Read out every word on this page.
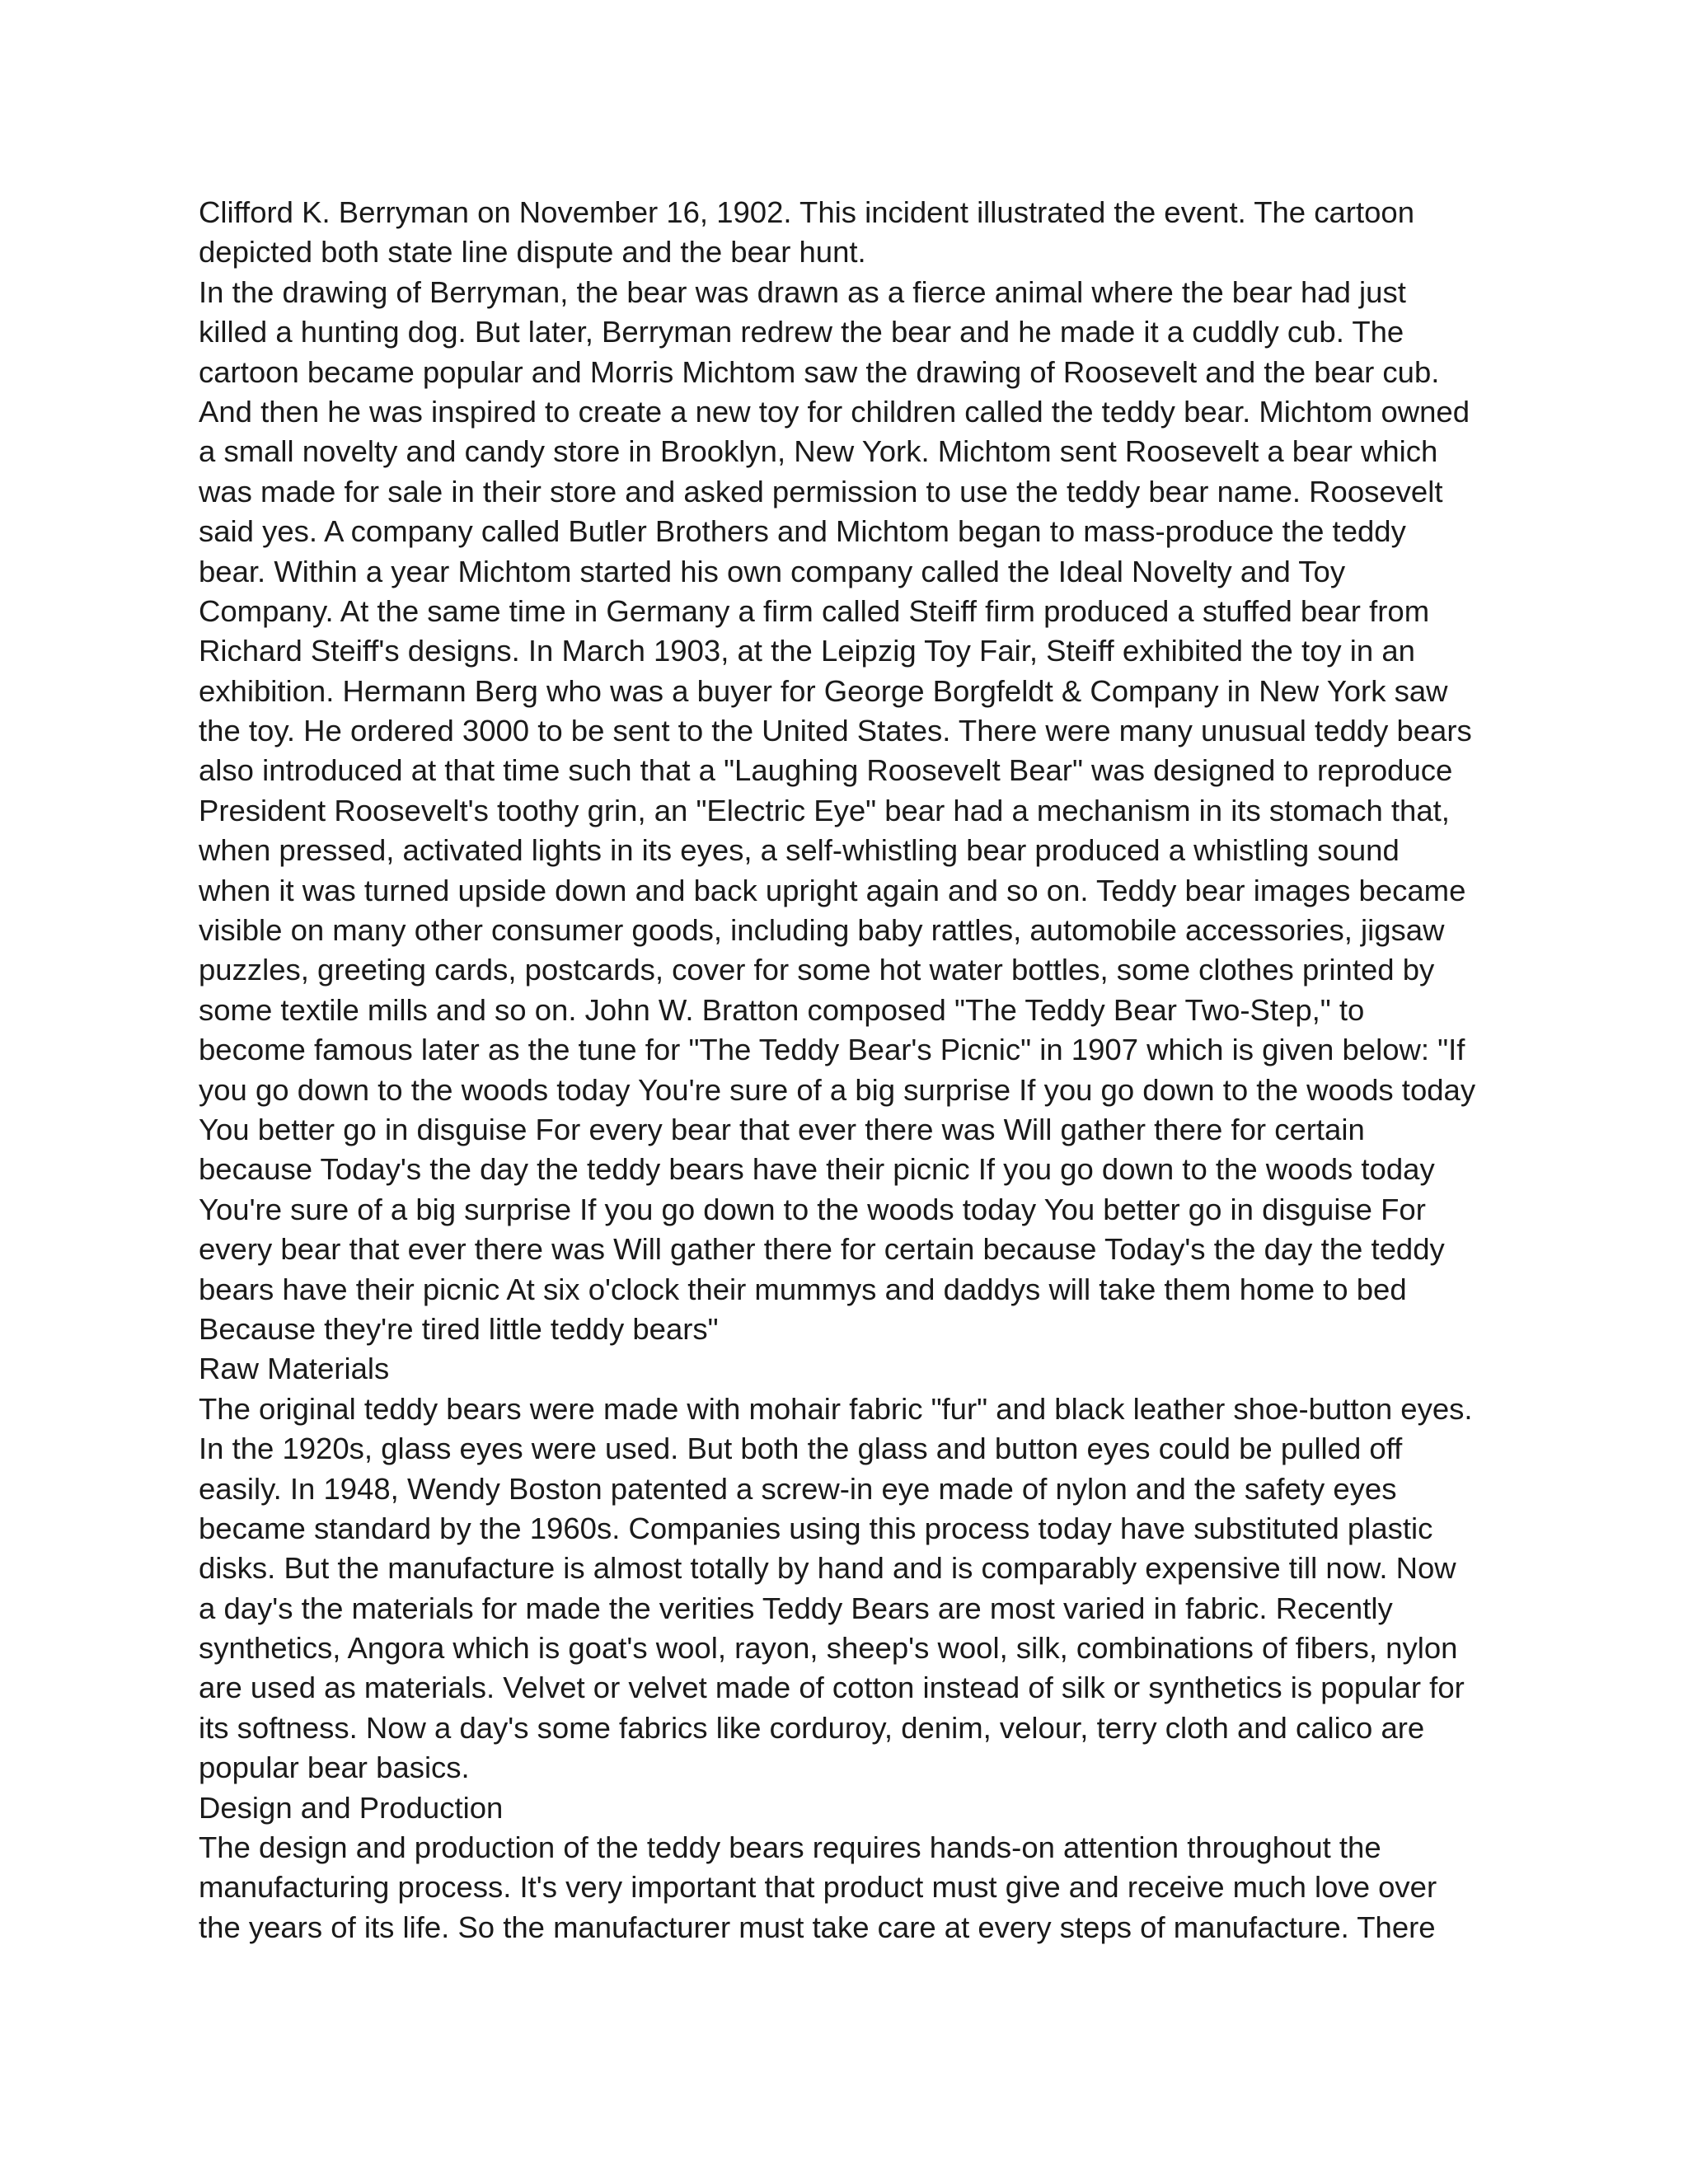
Clifford K. Berryman on November 16, 1902. This incident illustrated the event. The cartoon
depicted both state line dispute and the bear hunt.
In the drawing of Berryman, the bear was drawn as a fierce animal where the bear had just
killed a hunting dog. But later, Berryman redrew the bear and he made it a cuddly cub. The
cartoon became popular and Morris Michtom saw the drawing of Roosevelt and the bear cub.
And then he was inspired to create a new toy for children called the teddy bear. Michtom owned
a small novelty and candy store in Brooklyn, New York. Michtom sent Roosevelt a bear which
was made for sale in their store and asked permission to use the teddy bear name. Roosevelt
said yes. A company called Butler Brothers and Michtom began to mass-produce the teddy
bear. Within a year Michtom started his own company called the Ideal Novelty and Toy
Company. At the same time in Germany a firm called Steiff firm produced a stuffed bear from
Richard Steiff's designs. In March 1903, at the Leipzig Toy Fair, Steiff exhibited the toy in an
exhibition. Hermann Berg who was a buyer for George Borgfeldt & Company in New York saw
the toy. He ordered 3000 to be sent to the United States. There were many unusual teddy bears
also introduced at that time such that a "Laughing Roosevelt Bear" was designed to reproduce
President Roosevelt's toothy grin, an "Electric Eye" bear had a mechanism in its stomach that,
when pressed, activated lights in its eyes, a self-whistling bear produced a whistling sound
when it was turned upside down and back upright again and so on. Teddy bear images became
visible on many other consumer goods, including baby rattles, automobile accessories, jigsaw
puzzles, greeting cards, postcards, cover for some hot water bottles, some clothes printed by
some textile mills and so on. John W. Bratton composed "The Teddy Bear Two-Step," to
become famous later as the tune for "The Teddy Bear's Picnic" in 1907 which is given below: "If
you go down to the woods today You're sure of a big surprise If you go down to the woods today
You better go in disguise For every bear that ever there was Will gather there for certain
because Today's the day the teddy bears have their picnic If you go down to the woods today
You're sure of a big surprise If you go down to the woods today You better go in disguise For
every bear that ever there was Will gather there for certain because Today's the day the teddy
bears have their picnic At six o'clock their mummys and daddys will take them home to bed
Because they're tired little teddy bears"
Raw Materials
The original teddy bears were made with mohair fabric "fur" and black leather shoe-button eyes.
In the 1920s, glass eyes were used. But both the glass and button eyes could be pulled off
easily. In 1948, Wendy Boston patented a screw-in eye made of nylon and the safety eyes
became standard by the 1960s. Companies using this process today have substituted plastic
disks. But the manufacture is almost totally by hand and is comparably expensive till now. Now
a day's the materials for made the verities Teddy Bears are most varied in fabric. Recently
synthetics, Angora which is goat's wool, rayon, sheep's wool, silk, combinations of fibers, nylon
are used as materials. Velvet or velvet made of cotton instead of silk or synthetics is popular for
its softness. Now a day's some fabrics like corduroy, denim, velour, terry cloth and calico are
popular bear basics.
Design and Production
The design and production of the teddy bears requires hands-on attention throughout the
manufacturing process. It's very important that product must give and receive much love over
the years of its life. So the manufacturer must take care at every steps of manufacture. There
